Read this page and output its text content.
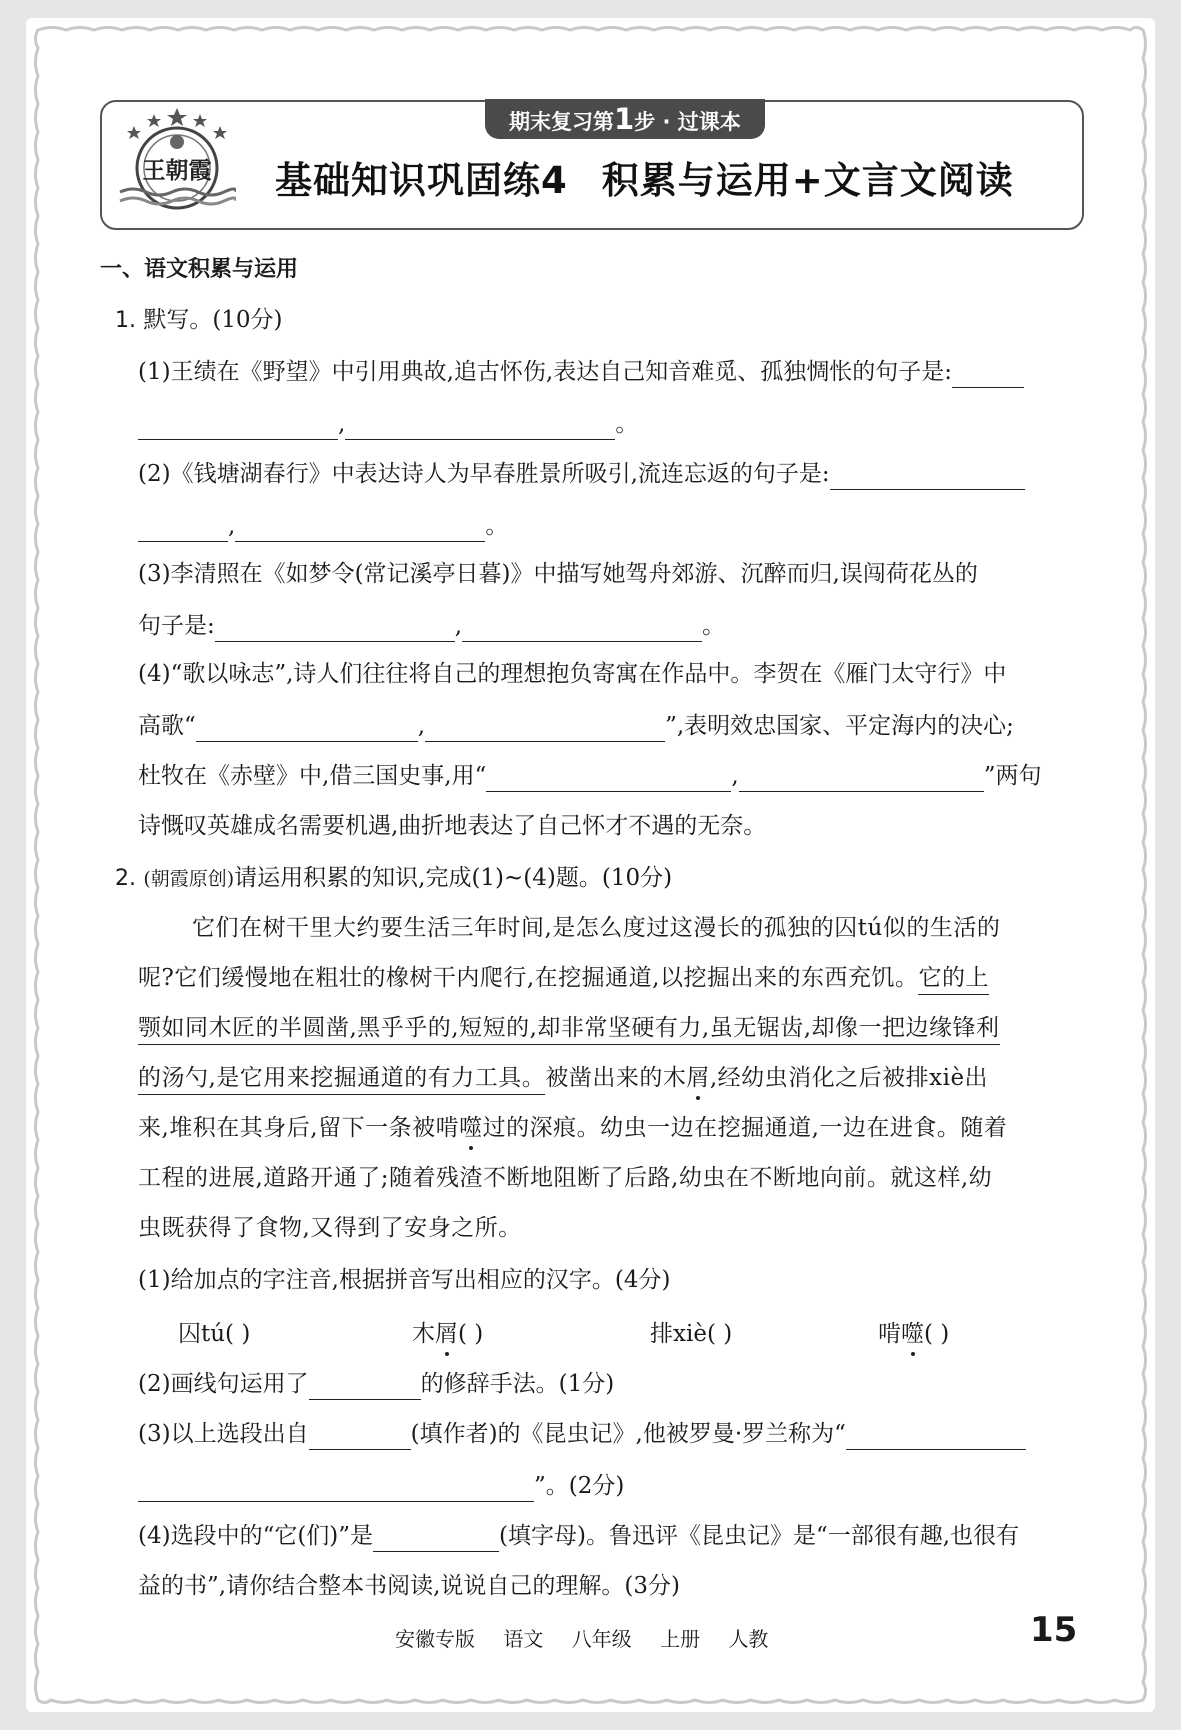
期末复习第1步 · 过课本
王朝霞 基础知识巩固练4 积累与运用+文言文阅读
一、语文积累与运用
1. 默写。(10分)
(1)王绩在《野望》中引用典故,追古怀伤,表达自己知音难觅、孤独惆怅的句子是:
,	。
(2)《钱塘湖春行》中表达诗人为早春胜景所吸引,流连忘返的句子是:
,	。
(3)李清照在《如梦令(常记溪亭日暮)》中描写她驾舟郊游、沉醉而归,误闯荷花丛的
句子是:	,	。
(4)“歌以咏志”,诗人们往往将自己的理想抱负寄寓在作品中。李贺在《雁门太守行》中
高歌“	,	”,表明效忠国家、平定海内的决心;
杜牧在《赤壁》中,借三国史事,用“	,	”两句
诗慨叹英雄成名需要机遇,曲折地表达了自己怀才不遇的无奈。
2. (朝霞原创)请运用积累的知识,完成(1)~(4)题。(10分)
它们在树干里大约要生活三年时间,是怎么度过这漫长的孤独的囚tú似的生活的
呢?它们缓慢地在粗壮的橡树干内爬行,在挖掘通道,以挖掘出来的东西充饥。它的上
颚如同木匠的半圆凿,黑乎乎的,短短的,却非常坚硬有力,虽无锯齿,却像一把边缘锋利
的汤勺,是它用来挖掘通道的有力工具。被凿出来的木屑,经幼虫消化之后被排xiè出
来,堆积在其身后,留下一条被啃噬过的深痕。幼虫一边在挖掘通道,一边在进食。随着
工程的进展,道路开通了;随着残渣不断地阻断了后路,幼虫在不断地向前。就这样,幼
虫既获得了食物,又得到了安身之所。
(1)给加点的字注音,根据拼音写出相应的汉字。(4分)
囚tú( )	木屑( )	排xiè( )	啃噬( )
(2)画线句运用了	的修辞手法。(1分)
(3)以上选段出自	(填作者)的《昆虫记》,他被罗曼·罗兰称为“
”。(2分)
(4)选段中的“它(们)”是	(填字母)。鲁迅评《昆虫记》是“一部很有趣,也很有
益的书”,请你结合整本书阅读,说说自己的理解。(3分)
安徽专版 语文 八年级 上册 人教	15
